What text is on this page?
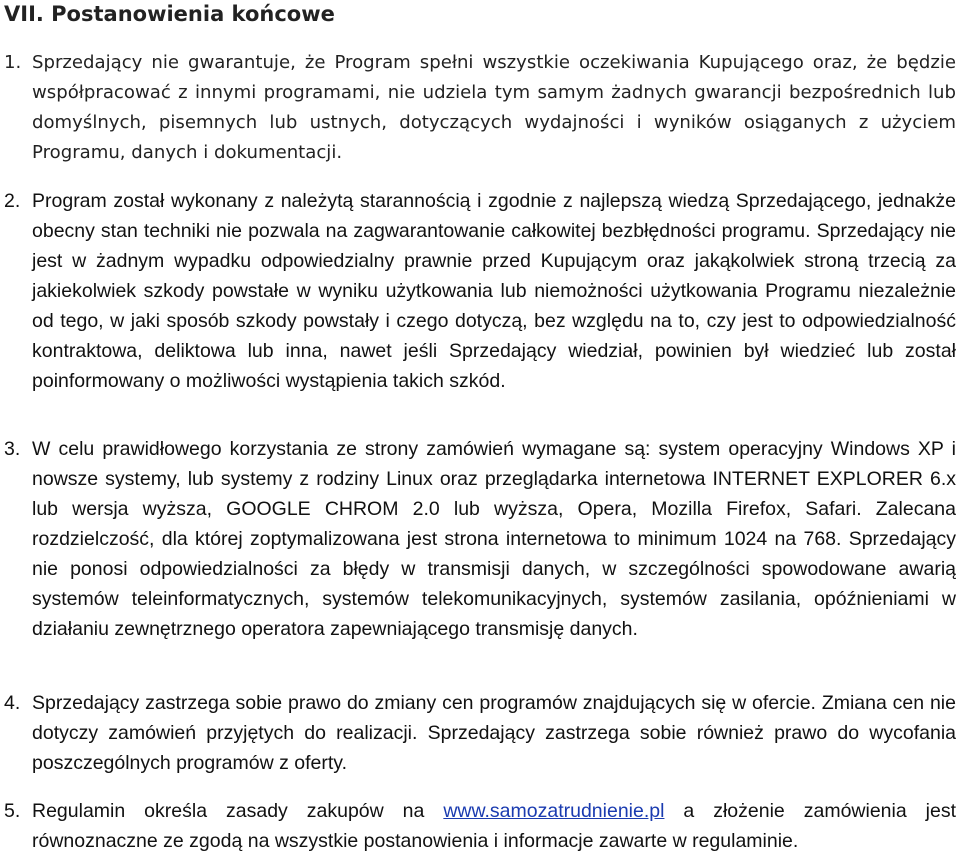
VII. Postanowienia końcowe
1. Sprzedający nie gwarantuje, że Program spełni wszystkie oczekiwania Kupującego oraz, że będzie współpracować z innymi programami, nie udziela tym samym żadnych gwarancji bezpośrednich lub domyślnych, pisemnych lub ustnych, dotyczących wydajności i wyników osiąganych z użyciem Programu, danych i dokumentacji.
2. Program został wykonany z należytą starannością i zgodnie z najlepszą wiedzą Sprzedającego, jednakże obecny stan techniki nie pozwala na zagwarantowanie całkowitej bezbłędności programu. Sprzedający nie jest w żadnym wypadku odpowiedzialny prawnie przed Kupującym oraz jakąkolwiek stroną trzecią za jakiekolwiek szkody powstałe w wyniku użytkowania lub niemożności użytkowania Programu niezależnie od tego, w jaki sposób szkody powstały i czego dotyczą, bez względu na to, czy jest to odpowiedzialność kontraktowa, deliktowa lub inna, nawet jeśli Sprzedający wiedział, powinien był wiedzieć lub został poinformowany o możliwości wystąpienia takich szkód.
3. W celu prawidłowego korzystania ze strony zamówień wymagane są: system operacyjny Windows XP i nowsze systemy, lub systemy z rodziny Linux oraz przeglądarka internetowa INTERNET EXPLORER 6.x lub wersja wyższa, GOOGLE CHROM 2.0 lub wyższa, Opera, Mozilla Firefox, Safari. Zalecana rozdzielczość, dla której zoptymalizowana jest strona internetowa to minimum 1024 na 768. Sprzedający nie ponosi odpowiedzialności za błędy w transmisji danych, w szczególności spowodowane awarią systemów teleinformatycznych, systemów telekomunikacyjnych, systemów zasilania, opóźnieniami w działaniu zewnętrznego operatora zapewniającego transmisję danych.
4. Sprzedający zastrzega sobie prawo do zmiany cen programów znajdujących się w ofercie. Zmiana cen nie dotyczy zamówień przyjętych do realizacji. Sprzedający zastrzega sobie również prawo do wycofania poszczególnych programów z oferty.
5. Regulamin określa zasady zakupów na www.samozatrudnienie.pl a złożenie zamówienia jest równoznaczne ze zgodą na wszystkie postanowienia i informacje zawarte w regulaminie.
